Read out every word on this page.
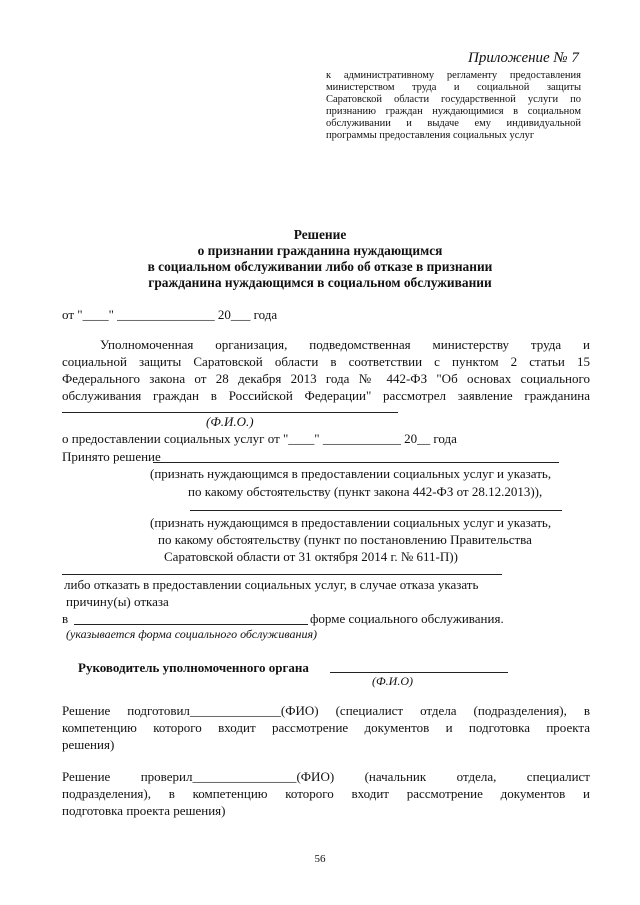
Приложение № 7
к административному регламенту предоставления
министерством труда и социальной защиты
Саратовской области государственной услуги по
признанию граждан нуждающимися в социальном
обслуживании и выдаче ему индивидуальной
программы предоставления социальных услуг
Решение
о признании гражданина нуждающимся
в социальном обслуживании либо об отказе в признании
гражданина нуждающимся в социальном обслуживании
от "____" _______________ 20___ года
Уполномоченная организация, подведомственная министерству труда и
социальной защиты Саратовской области в соответствии с пунктом 2 статьи 15
Федерального закона от 28 декабря 2013 года № 442-ФЗ "Об основах социального
обслуживания граждан в Российской Федерации" рассмотрел заявление гражданина
(Ф.И.О.)
о предоставлении социальных услуг от "____" ____________ 20__ года
Принято решение
(признать нуждающимся в предоставлении социальных услуг и указать,
по какому обстоятельству (пункт закона 442-ФЗ от 28.12.2013)),
(признать нуждающимся в предоставлении социальных услуг и указать,
по какому обстоятельству (пункт по постановлению Правительства
Саратовской области от 31 октября 2014 г. № 611-П))
либо отказать в предоставлении социальных услуг, в случае отказа указать
причину(ы) отказа
в	форме социального обслуживания.
(указывается форма социального обслуживания)
Руководитель уполномоченного органа
(Ф.И.О)
Решение подготовил______________(ФИО) (специалист отдела (подразделения), в
компетенцию которого входит рассмотрение документов и подготовка проекта
решения)
Решение проверил________________(ФИО) (начальник отдела, специалист
подразделения), в компетенцию которого входит рассмотрение документов и
подготовка проекта решения)
56
